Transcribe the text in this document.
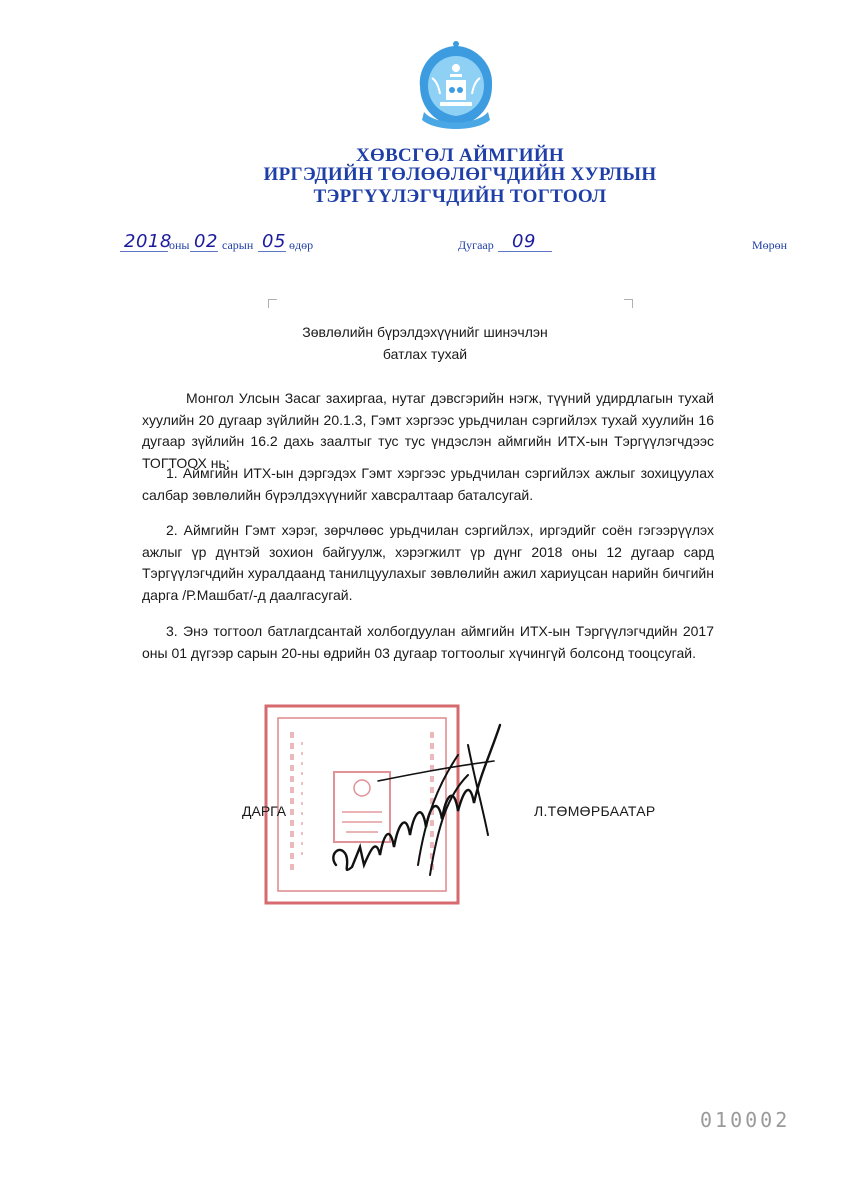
ХӨВСГӨЛ АЙМГИЙН
ИРГЭДИЙН ТӨЛӨӨЛӨГЧДИЙН ХУРЛЫН
ТЭРГҮҮЛЭГЧДИЙН ТОГТООЛ
2018
оны 02 сарын 05 өдөр	Дугаар 09	Мөрөн
Зөвлөлийн бүрэлдэхүүнийг шинэчлэн
батлах тухай
Монгол Улсын Засаг захиргаа, нутаг дэвсгэрийн нэгж, түүний удирдлагын тухай хуулийн 20 дугаар зүйлийн 20.1.3, Гэмт хэргээс урьдчилан сэргийлэх тухай хуулийн 16 дугаар зүйлийн 16.2 дахь заалтыг тус тус үндэслэн аймгийн ИТХ-ын Тэргүүлэгчдээс ТОГТООХ нь:
1. Аймгийн ИТХ-ын дэргэдэх Гэмт хэргээс урьдчилан сэргийлэх ажлыг зохицуулах салбар зөвлөлийн бүрэлдэхүүнийг хавсралтаар баталсугай.
2. Аймгийн Гэмт хэрэг, зөрчлөөс урьдчилан сэргийлэх, иргэдийг соён гэгээрүүлэх ажлыг үр дүнтэй зохион байгуулж, хэрэгжилт үр дүнг 2018 оны 12 дугаар сард Тэргүүлэгчдийн хуралдаанд танилцуулахыг зөвлөлийн ажил хариуцсан нарийн бичгийн дарга /Р.Машбат/-д даалгасугай.
3. Энэ тогтоол батлагдсантай холбогдуулан аймгийн ИТХ-ын Тэргүүлэгчдийн 2017 оны 01 дүгээр сарын 20-ны өдрийн 03 дугаар тогтоолыг хүчингүй болсонд тооцсугай.
ДАРГА	Л.ТӨМӨРБААТАР
010002
